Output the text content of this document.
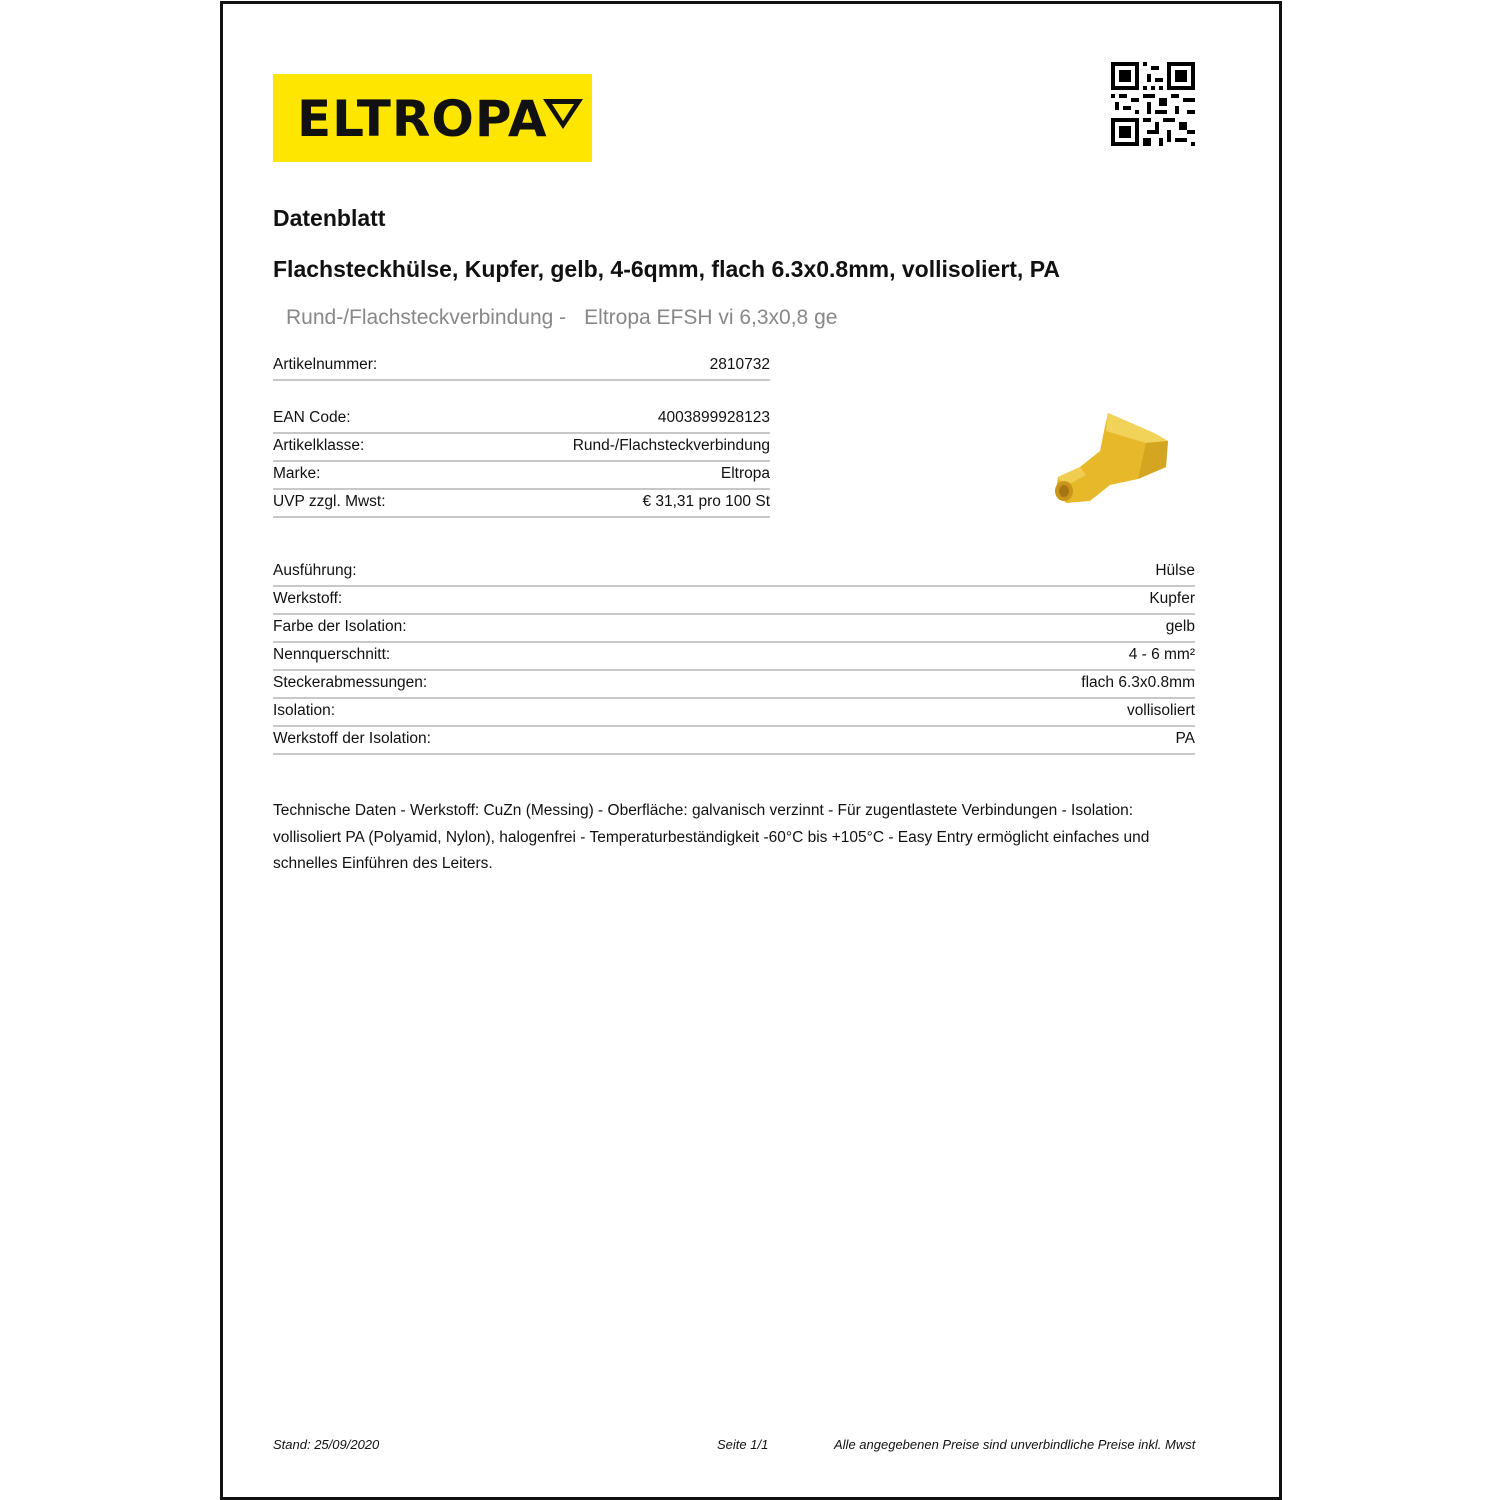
ELTROPA
Datenblatt
Flachsteckhülse, Kupfer, gelb, 4-6qmm, flach 6.3x0.8mm, vollisoliert, PA
Rund-/Flachsteckverbindung - Eltropa EFSH vi 6,3x0,8 ge
Artikelnummer:	2810732
EAN Code:	4003899928123
Artikelklasse:	Rund-/Flachsteckverbindung
Marke:	Eltropa
UVP zzgl. Mwst:	€ 31,31 pro 100 St
Ausführung:	Hülse
Werkstoff:	Kupfer
Farbe der Isolation:	gelb
Nennquerschnitt:	4 - 6 mm²
Steckerabmessungen:	flach 6.3x0.8mm
Isolation:	vollisoliert
Werkstoff der Isolation:	PA
Technische Daten - Werkstoff: CuZn (Messing) - Oberfläche: galvanisch verzinnt - Für zugentlastete Verbindungen - Isolation: vollisoliert PA (Polyamid, Nylon), halogenfrei - Temperaturbeständigkeit -60°C bis +105°C - Easy Entry ermöglicht einfaches und schnelles Einführen des Leiters.
Stand: 25/09/2020	Seite 1/1	Alle angegebenen Preise sind unverbindliche Preise inkl. Mwst
